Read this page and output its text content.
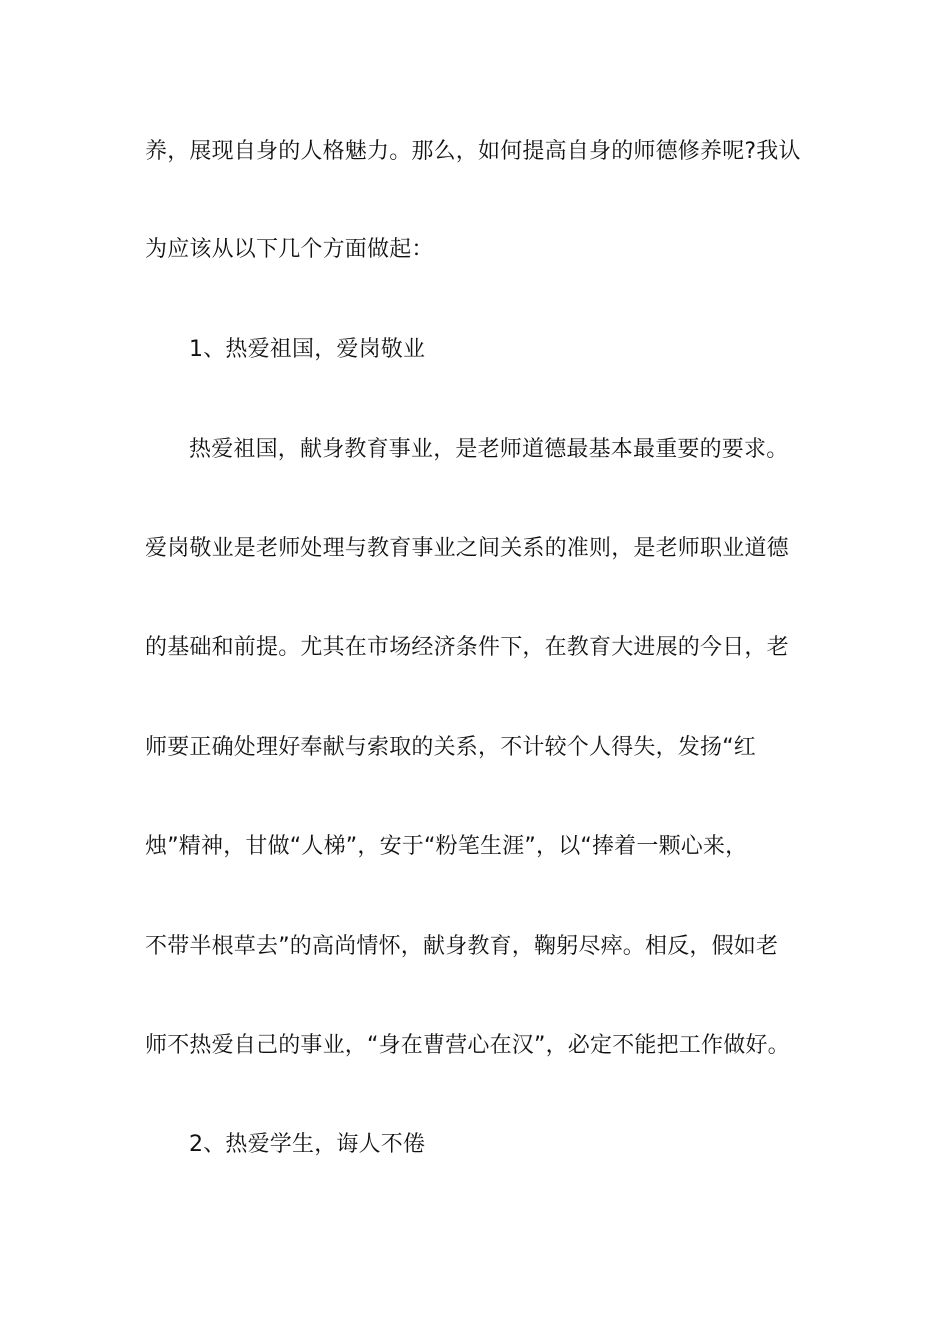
养，展现自身的人格魅力。那么，如何提高自身的师德修养呢?我认
为应该从以下几个方面做起：
1、热爱祖国，爱岗敬业
热爱祖国，献身教育事业，是老师道德最基本最重要的要求。
爱岗敬业是老师处理与教育事业之间关系的准则，是老师职业道德
的基础和前提。尤其在市场经济条件下，在教育大进展的今日，老
师要正确处理好奉献与索取的关系，不计较个人得失，发扬“红
烛”精神，甘做“人梯”，安于“粉笔生涯”，以“捧着一颗心来，
不带半根草去”的高尚情怀，献身教育，鞠躬尽瘁。相反，假如老
师不热爱自己的事业，“身在曹营心在汉”，必定不能把工作做好。
2、热爱学生，诲人不倦
